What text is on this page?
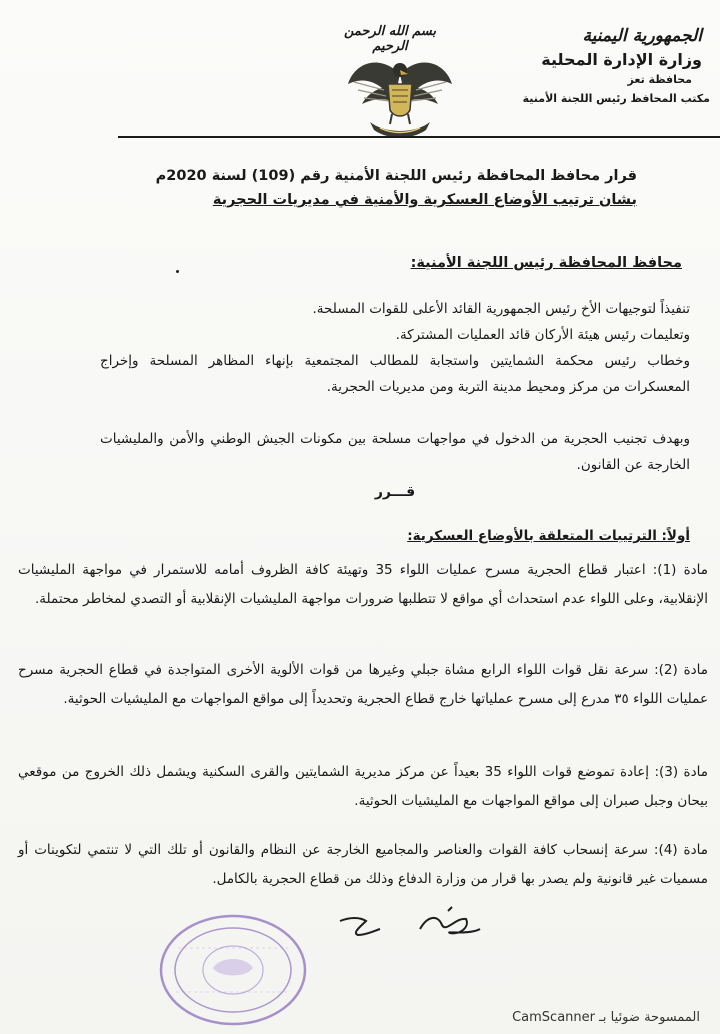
الجمهورية اليمنية
وزارة الإدارة المحلية
محافظة تعز
مكتب المحافظ رئيس اللجنة الأمنية
بسم الله الرحمن الرحيم
قرار محافظ المحافظة رئيس اللجنة الأمنية رقم (109) لسنة 2020م
بشان ترتيب الأوضاع العسكرية والأمنية في مديريات الحجرية
محافظ المحافظة رئيس اللجنة الأمنية:
تنفيذاً لتوجيهات الأخ رئيس الجمهورية القائد الأعلى للقوات المسلحة.
وتعليمات رئيس هيئة الأركان قائد العمليات المشتركة.
وخطاب رئيس محكمة الشمايتين واستجابة للمطالب المجتمعية بإنهاء المظاهر المسلحة وإخراج المعسكرات من مركز ومحيط مدينة التربة ومن مديريات الحجرية.
وبهدف تجنيب الحجرية من الدخول في مواجهات مسلحة بين مكونات الجيش الوطني والأمن والمليشيات الخارجة عن القانون.
قـــرر
أولاً: الترتيبات المتعلقة بالأوضاع العسكرية:
مادة (1): اعتبار قطاع الحجرية مسرح عمليات اللواء 35 وتهيئة كافة الظروف أمامه للاستمرار في مواجهة المليشيات الإنقلابية، وعلى اللواء عدم استحداث أي مواقع لا تتطلبها ضرورات مواجهة المليشيات الإنقلابية أو التصدي لمخاطر محتملة.
مادة (2): سرعة نقل قوات اللواء الرابع مشاة جبلي وغيرها من قوات الألوية الأخرى المتواجدة في قطاع الحجرية مسرح عمليات اللواء ٣٥ مدرع إلى مسرح عملياتها خارج قطاع الحجرية وتحديداً إلى مواقع المواجهات مع المليشيات الحوثية.
مادة (3): إعادة تموضع قوات اللواء 35 بعيداً عن مركز مديرية الشمايتين والقرى السكنية ويشمل ذلك الخروج من موقعي بيحان وجبل صبران إلى مواقع المواجهات مع المليشيات الحوثية.
مادة (4): سرعة إنسحاب كافة القوات والعناصر والمجاميع الخارجة عن النظام والقانون أو تلك التي لا تنتمي لتكوينات أو مسميات غير قانونية ولم يصدر بها قرار من وزارة الدفاع وذلك من قطاع الحجرية بالكامل.
CamScanner الممسوحة ضوئيا بـ
